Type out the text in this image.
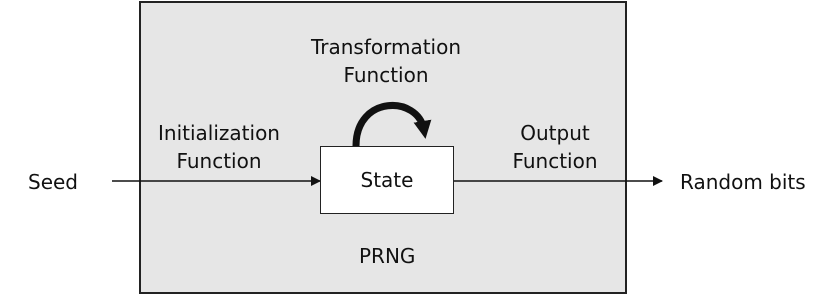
Seed	Random bits
Initialization
Function
Transformation
Function
Output
Function
State
PRNG
